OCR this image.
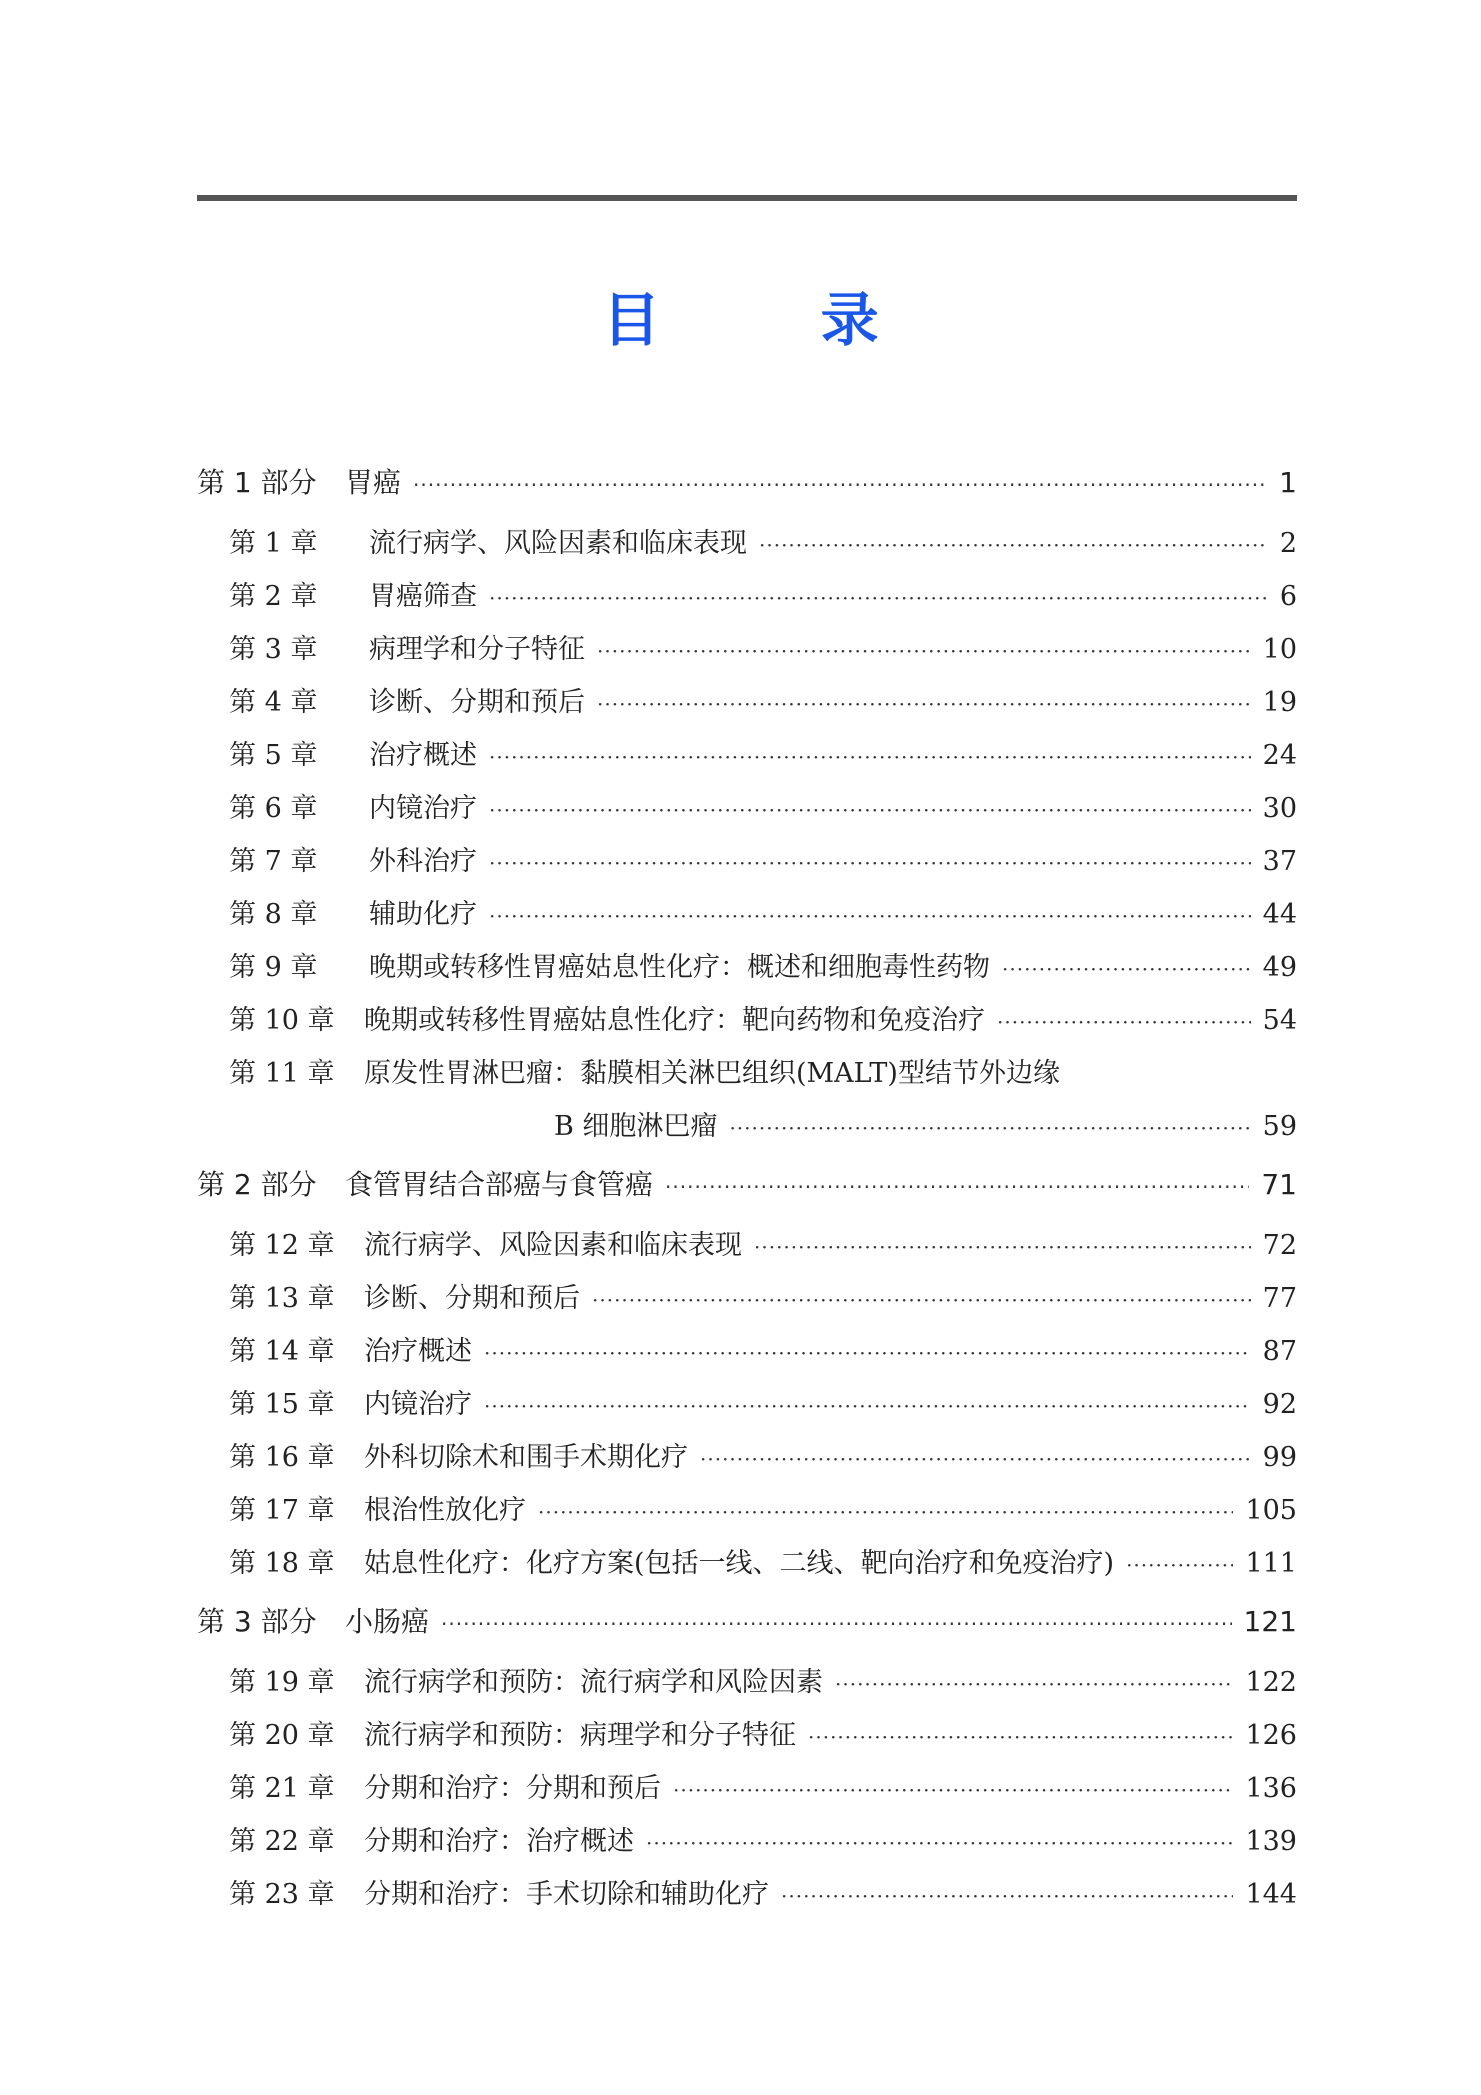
目 录
第 1 部分	胃癌 ·····	1
第 1 章	流行病学、风险因素和临床表现 ·····	2
第 2 章	胃癌筛查 ·····	6
第 3 章	病理学和分子特征 ·····	10
第 4 章	诊断、分期和预后 ·····	19
第 5 章	治疗概述 ·····	24
第 6 章	内镜治疗 ·····	30
第 7 章	外科治疗 ·····	37
第 8 章	辅助化疗 ·····	44
第 9 章	晚期或转移性胃癌姑息性化疗：概述和细胞毒性药物 ·····	49
第 10 章	晚期或转移性胃癌姑息性化疗：靶向药物和免疫治疗 ·····	54
第 11 章	原发性胃淋巴瘤：黏膜相关淋巴组织(MALT)型结节外边缘
B 细胞淋巴瘤 ·····	59
第 2 部分	食管胃结合部癌与食管癌 ·····	71
第 12 章	流行病学、风险因素和临床表现 ·····	72
第 13 章	诊断、分期和预后 ·····	77
第 14 章	治疗概述 ·····	87
第 15 章	内镜治疗 ·····	92
第 16 章	外科切除术和围手术期化疗 ·····	99
第 17 章	根治性放化疗 ·····	105
第 18 章	姑息性化疗：化疗方案(包括一线、二线、靶向治疗和免疫治疗) ·····	111
第 3 部分	小肠癌 ·····	121
第 19 章	流行病学和预防：流行病学和风险因素 ·····	122
第 20 章	流行病学和预防：病理学和分子特征 ·····	126
第 21 章	分期和治疗：分期和预后 ·····	136
第 22 章	分期和治疗：治疗概述 ·····	139
第 23 章	分期和治疗：手术切除和辅助化疗 ·····	144
